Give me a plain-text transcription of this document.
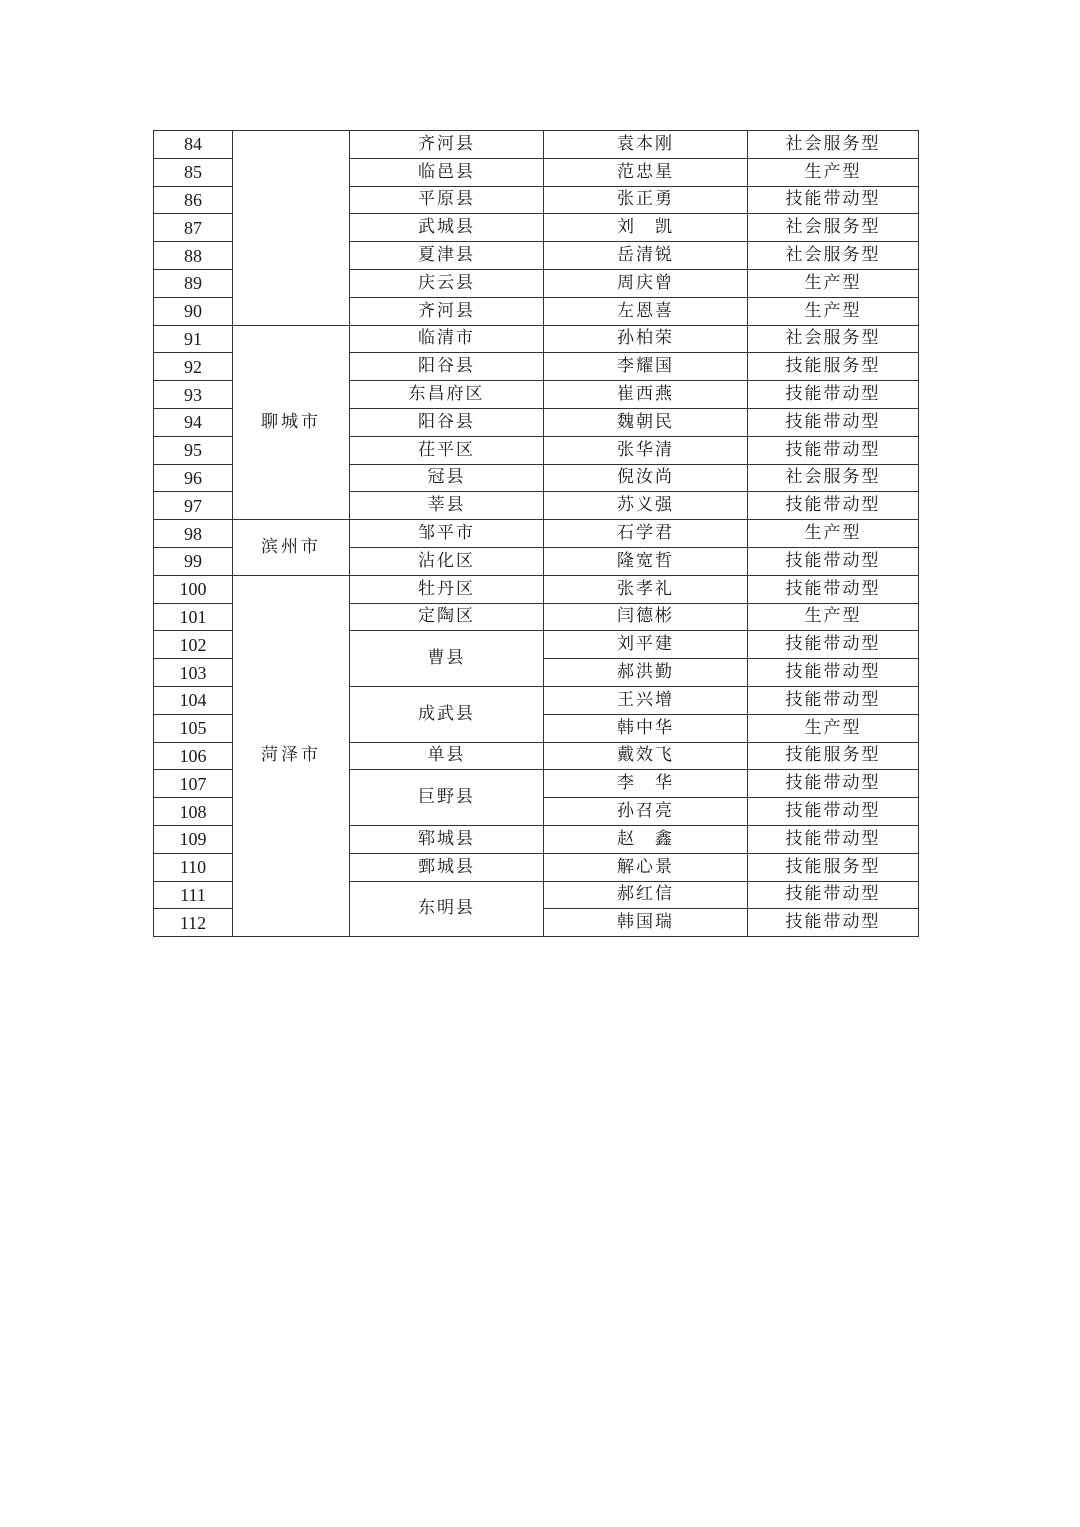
84		齐河县	袁本刚	社会服务型
85		临邑县	范忠星	生产型
86		平原县	张正勇	技能带动型
87		武城县	刘　凯	社会服务型
88		夏津县	岳清锐	社会服务型
89		庆云县	周庆曾	生产型
90		齐河县	左恩喜	生产型
91	聊城市	临清市	孙柏荣	社会服务型
92		阳谷县	李耀国	技能服务型
93		东昌府区	崔西燕	技能带动型
94		阳谷县	魏朝民	技能带动型
95		茌平区	张华清	技能带动型
96		冠县	倪汝尚	社会服务型
97		莘县	苏义强	技能带动型
98	滨州市	邹平市	石学君	生产型
99		沾化区	隆宽哲	技能带动型
100	菏泽市	牡丹区	张孝礼	技能带动型
101		定陶区	闫德彬	生产型
102		曹县	刘平建	技能带动型
103			郝洪勤	技能带动型
104		成武县	王兴增	技能带动型
105			韩中华	生产型
106		单县	戴效飞	技能服务型
107		巨野县	李　华	技能带动型
108			孙召亮	技能带动型
109		郓城县	赵　鑫	技能带动型
110		鄄城县	解心景	技能服务型
111		东明县	郝红信	技能带动型
112			韩国瑞	技能带动型
